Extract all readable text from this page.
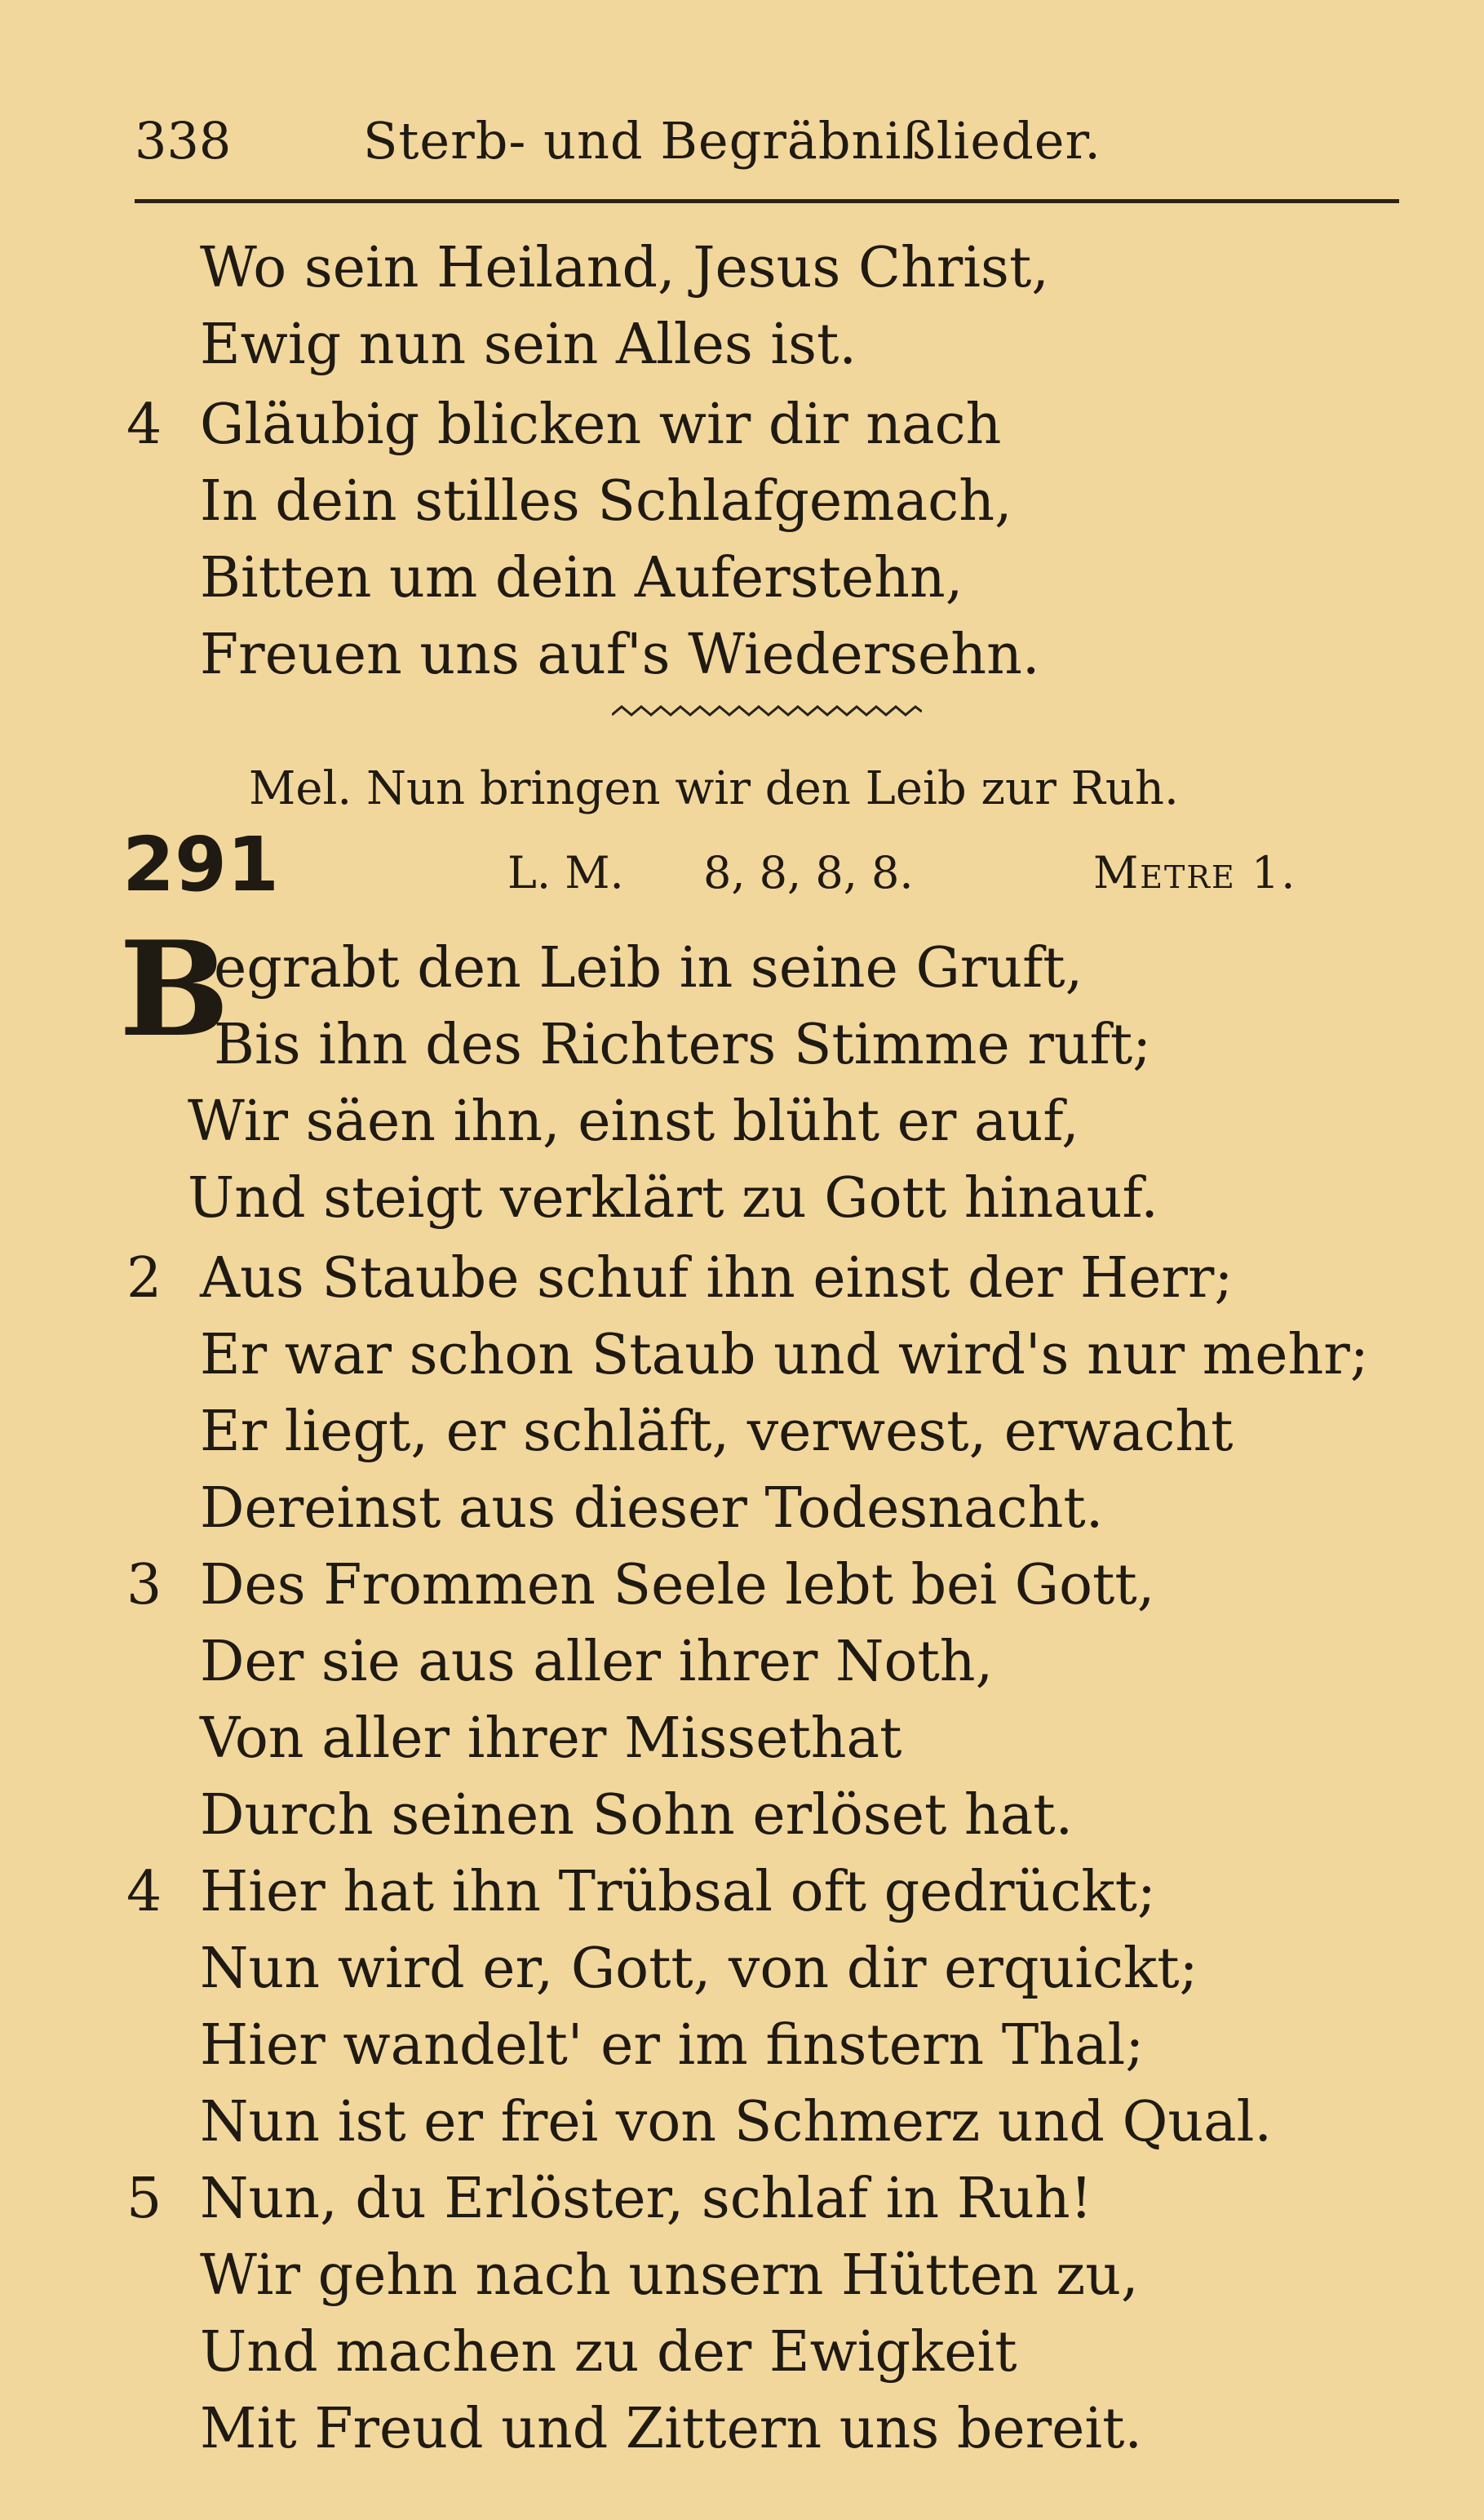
338	Sterb- und Begräbnißlieder.
Wo sein Heiland, Jesus Christ,
Ewig nun sein Alles ist.
4 Gläubig blicken wir dir nach
In dein stilles Schlafgemach,
Bitten um dein Auferstehn,
Freuen uns auf's Wiedersehn.
Mel. Nun bringen wir den Leib zur Ruh.
291	L. M. 8, 8, 8, 8.	Metre 1.
B
egrabt den Leib in seine Gruft,
Bis ihn des Richters Stimme ruft;
Wir säen ihn, einst blüht er auf,
Und steigt verklärt zu Gott hinauf.
2 Aus Staube schuf ihn einst der Herr;
Er war schon Staub und wird's nur mehr;
Er liegt, er schläft, verwest, erwacht
Dereinst aus dieser Todesnacht.
3 Des Frommen Seele lebt bei Gott,
Der sie aus aller ihrer Noth,
Von aller ihrer Missethat
Durch seinen Sohn erlöset hat.
4 Hier hat ihn Trübsal oft gedrückt;
Nun wird er, Gott, von dir erquickt;
Hier wandelt' er im finstern Thal;
Nun ist er frei von Schmerz und Qual.
5 Nun, du Erlöster, schlaf in Ruh!
Wir gehn nach unsern Hütten zu,
Und machen zu der Ewigkeit
Mit Freud und Zittern uns bereit.
